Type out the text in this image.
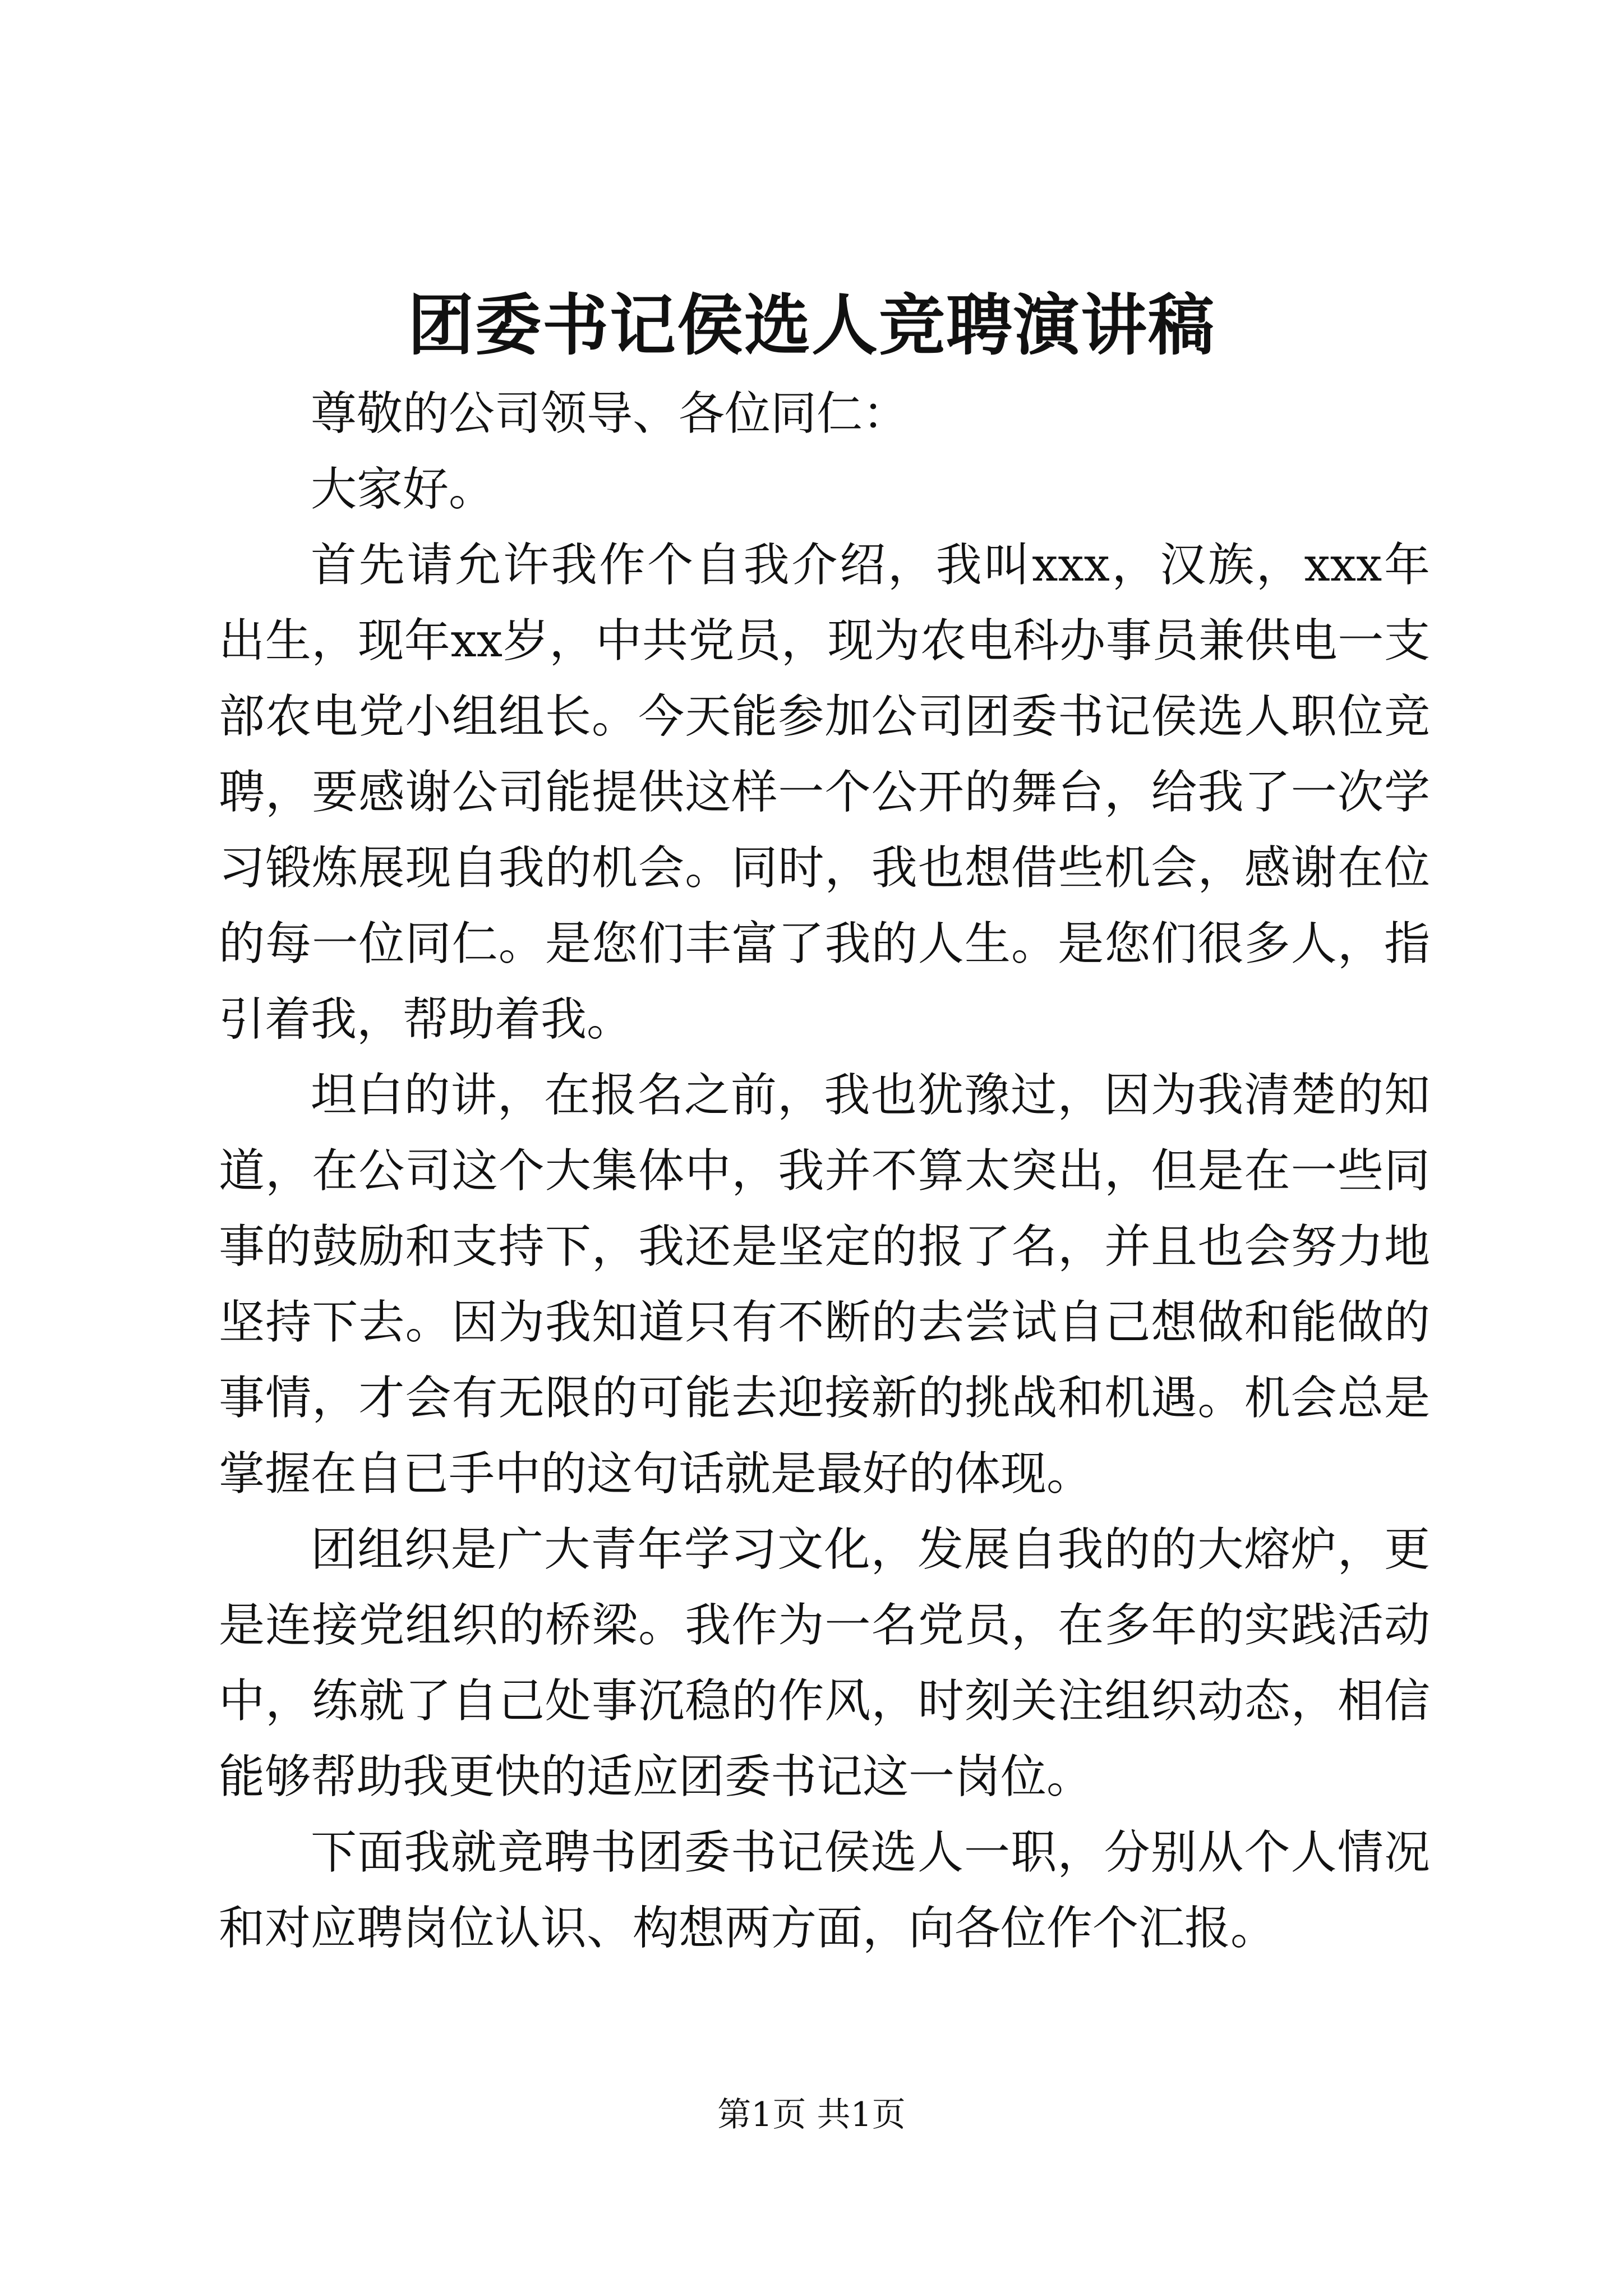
团委书记侯选人竞聘演讲稿

尊敬的公司领导、各位同仁：

大家好。

首先请允许我作个自我介绍，我叫xxx，汉族，xxx年出生，现年xx岁，中共党员，现为农电科办事员兼供电一支部农电党小组组长。今天能参加公司团委书记侯选人职位竞聘，要感谢公司能提供这样一个公开的舞台，给我了一次学习锻炼展现自我的机会。同时，我也想借些机会，感谢在位的每一位同仁。是您们丰富了我的人生。是您们很多人，指引着我，帮助着我。

坦白的讲，在报名之前，我也犹豫过，因为我清楚的知道，在公司这个大集体中，我并不算太突出，但是在一些同事的鼓励和支持下，我还是坚定的报了名，并且也会努力地坚持下去。因为我知道只有不断的去尝试自己想做和能做的事情，才会有无限的可能去迎接新的挑战和机遇。机会总是掌握在自已手中的这句话就是最好的体现。

团组织是广大青年学习文化，发展自我的的大熔炉，更是连接党组织的桥梁。我作为一名党员，在多年的实践活动中，练就了自己处事沉稳的作风，时刻关注组织动态，相信能够帮助我更快的适应团委书记这一岗位。

下面我就竞聘书团委书记侯选人一职，分别从个人情况和对应聘岗位认识、构想两方面，向各位作个汇报。

第1页 共1页
